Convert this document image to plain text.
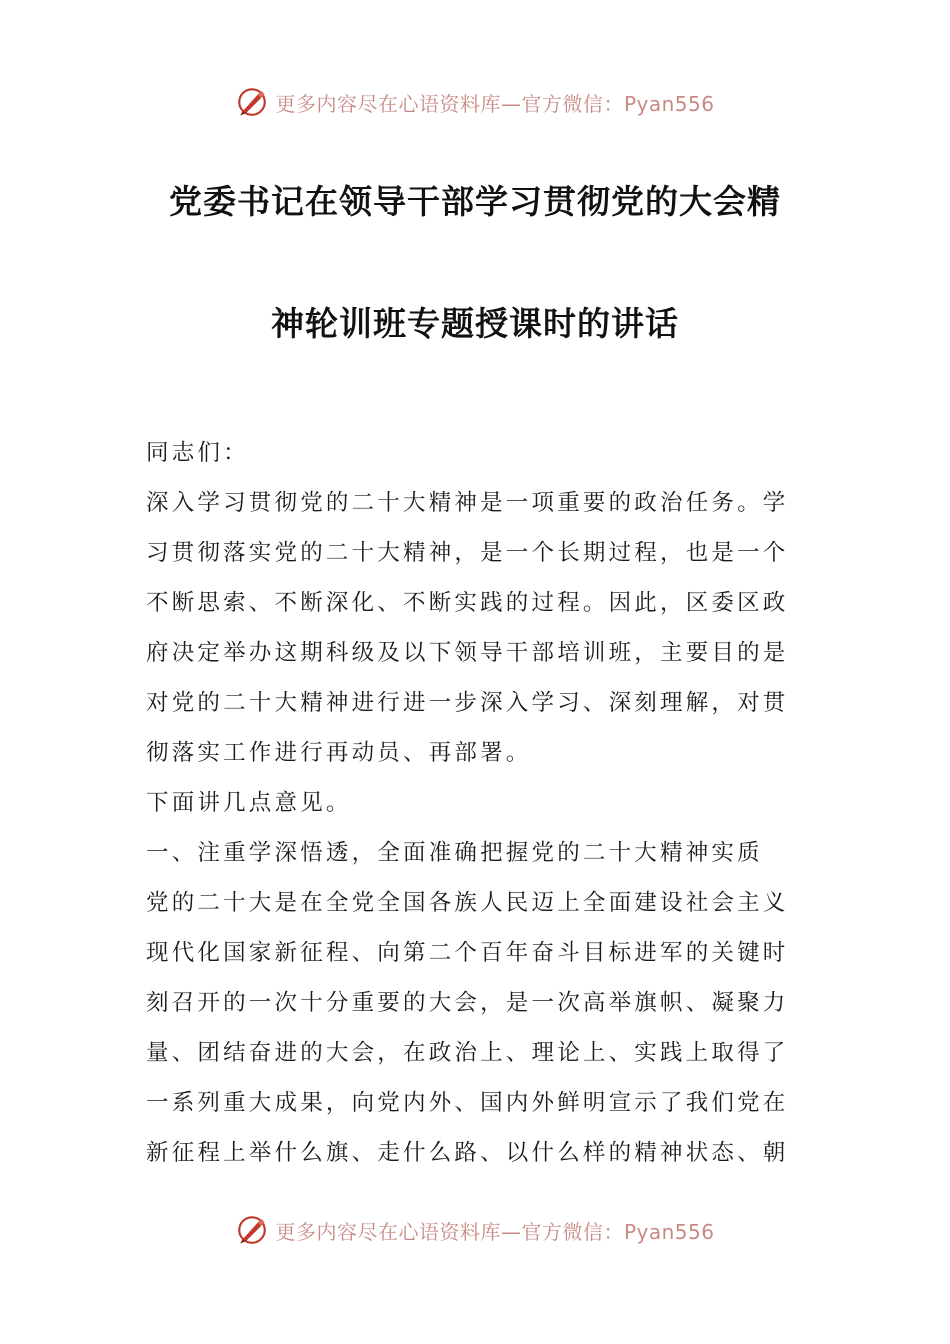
更多内容尽在心语资料库—官方微信：Pyan556
党委书记在领导干部学习贯彻党的大会精
神轮训班专题授课时的讲话
同志们：
深入学习贯彻党的二十大精神是一项重要的政治任务。学
习贯彻落实党的二十大精神，是一个长期过程，也是一个
不断思索、不断深化、不断实践的过程。因此，区委区政
府决定举办这期科级及以下领导干部培训班，主要目的是
对党的二十大精神进行进一步深入学习、深刻理解，对贯
彻落实工作进行再动员、再部署。
下面讲几点意见。
一、注重学深悟透，全面准确把握党的二十大精神实质
党的二十大是在全党全国各族人民迈上全面建设社会主义
现代化国家新征程、向第二个百年奋斗目标进军的关键时
刻召开的一次十分重要的大会，是一次高举旗帜、凝聚力
量、团结奋进的大会，在政治上、理论上、实践上取得了
一系列重大成果，向党内外、国内外鲜明宣示了我们党在
新征程上举什么旗、走什么路、以什么样的精神状态、朝
更多内容尽在心语资料库—官方微信：Pyan556
